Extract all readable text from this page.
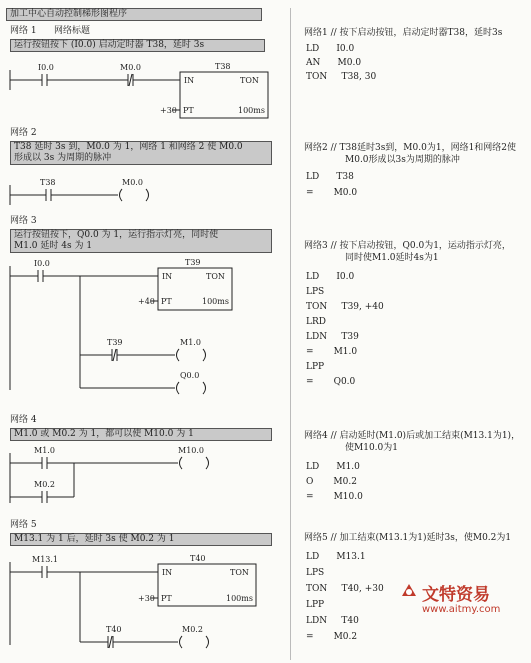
加工中心自动控制梯形图程序
网络 1 网络标题
运行按钮按下 (I0.0) 启动定时器 T38，延时 3s
网络 2
T38 延时 3s 到，M0.0 为 1，网络 1 和网络 2 使 M0.0
形成以 3s 为周期的脉冲
网络 3
运行按钮按下，Q0.0 为 1，运行指示灯亮，同时使
M1.0 延时 4s 为 1
网络 4
M1.0 或 M0.2 为 1，都可以使 M10.0 为 1
网络 5
M13.1 为 1 后，延时 3s 使 M0.2 为 1
I0.0	M0.0	T38
IN	TON
+30 PT	100ms
T38	M0.0
I0.0	T39
IN	TON
+40 PT	100ms
T39	M1.0
Q0.0
M1.0	M10.0
M0.2
M13.1	T40
IN	TON
+30 PT	100ms
T40	M0.2
网络1 // 按下启动按钮，启动定时器T38，延时3s
LD      I0.0
AN      M0.0
TON     T38, 30
网络2 // T38延时3s到，M0.0为1，网络1和网络2使
M0.0形成以3s为周期的脉冲
LD      T38
=       M0.0
网络3 // 按下启动按钮，Q0.0为1，运动指示灯亮，
同时使M1.0延时4s为1
LD      I0.0
LPS
TON     T39, +40
LRD
LDN     T39
=       M1.0
LPP
=       Q0.0
网络4 // 启动延时(M1.0)后或加工结束(M13.1为1)，
使M10.0为1
LD      M1.0
O       M0.2
=       M10.0
网络5 // 加工结束(M13.1为1)延时3s，使M0.2为1
LD      M13.1
LPS
TON     T40, +30
LPP
LDN     T40
=       M0.2
文特资易
www.aitmy.com
